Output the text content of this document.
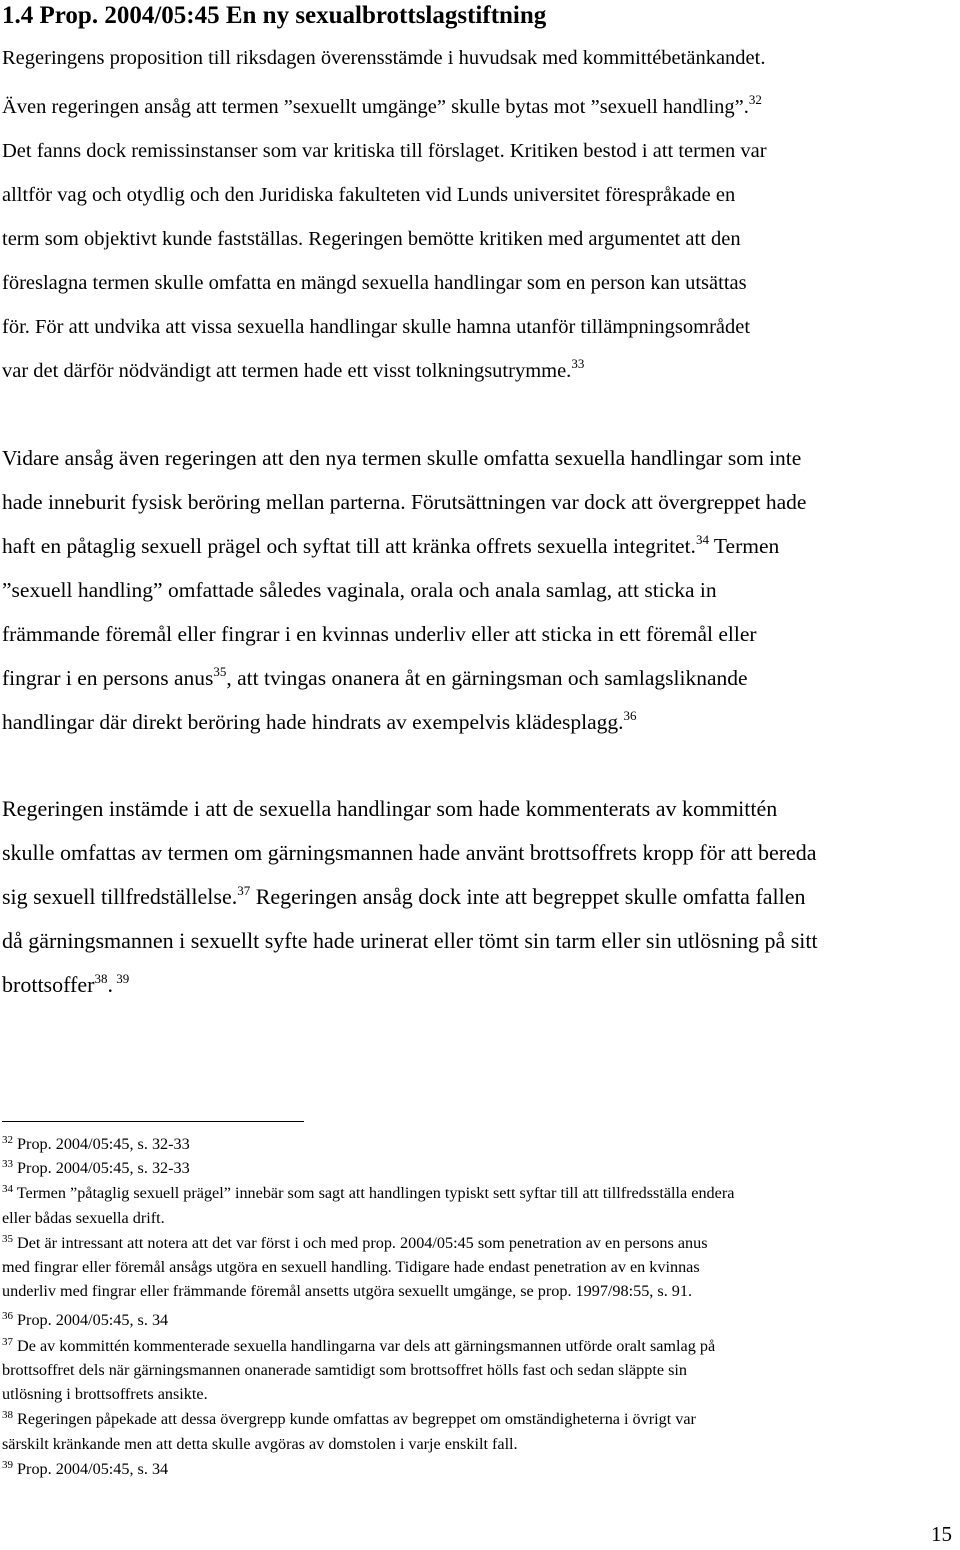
1.4 Prop. 2004/05:45 En ny sexualbrottslagstiftning
Regeringens proposition till riksdagen överensstämde i huvudsak med kommittébetänkandet.
Även regeringen ansåg att termen ”sexuellt umgänge” skulle bytas mot ”sexuell handling”.$^{32}$
Det fanns dock remissinstanser som var kritiska till förslaget. Kritiken bestod i att termen var
alltför vag och otydlig och den Juridiska fakulteten vid Lunds universitet förespråkade en
term som objektivt kunde fastställas. Regeringen bemötte kritiken med argumentet att den
föreslagna termen skulle omfatta en mängd sexuella handlingar som en person kan utsättas
för. För att undvika att vissa sexuella handlingar skulle hamna utanför tillämpningsområdet
var det därför nödvändigt att termen hade ett visst tolkningsutrymme.$^{33}$
Vidare ansåg även regeringen att den nya termen skulle omfatta sexuella handlingar som inte
hade inneburit fysisk beröring mellan parterna. Förutsättningen var dock att övergreppet hade
haft en påtaglig sexuell prägel och syftat till att kränka offrets sexuella integritet.$^{34}$ Termen
”sexuell handling” omfattade således vaginala, orala och anala samlag, att sticka in
främmande föremål eller fingrar i en kvinnas underliv eller att sticka in ett föremål eller
fingrar i en persons anus$^{35}$, att tvingas onanera åt en gärningsman och samlagsliknande
handlingar där direkt beröring hade hindrats av exempelvis klädesplagg.$^{36}$
Regeringen instämde i att de sexuella handlingar som hade kommenterats av kommittén
skulle omfattas av termen om gärningsmannen hade använt brottsoffrets kropp för att bereda
sig sexuell tillfredställelse.$^{37}$ Regeringen ansåg dock inte att begreppet skulle omfatta fallen
då gärningsmannen i sexuellt syfte hade urinerat eller tömt sin tarm eller sin utlösning på sitt
brottsoffer$^{38}$. $^{39}$
$^{32}$ Prop. 2004/05:45, s. 32-33
$^{33}$ Prop. 2004/05:45, s. 32-33
$^{34}$ Termen ”påtaglig sexuell prägel” innebär som sagt att handlingen typiskt sett syftar till att tillfredsställa endera
eller bådas sexuella drift.
$^{35}$ Det är intressant att notera att det var först i och med prop. 2004/05:45 som penetration av en persons anus
med fingrar eller föremål ansågs utgöra en sexuell handling. Tidigare hade endast penetration av en kvinnas
underliv med fingrar eller främmande föremål ansetts utgöra sexuellt umgänge, se prop. 1997/98:55, s. 91.
$^{36}$ Prop. 2004/05:45, s. 34
$^{37}$ De av kommittén kommenterade sexuella handlingarna var dels att gärningsmannen utförde oralt samlag på
brottsoffret dels när gärningsmannen onanerade samtidigt som brottsoffret hölls fast och sedan släppte sin
utlösning i brottsoffrets ansikte.
$^{38}$ Regeringen påpekade att dessa övergrepp kunde omfattas av begreppet om omständigheterna i övrigt var
särskilt kränkande men att detta skulle avgöras av domstolen i varje enskilt fall.
$^{39}$ Prop. 2004/05:45, s. 34
15
